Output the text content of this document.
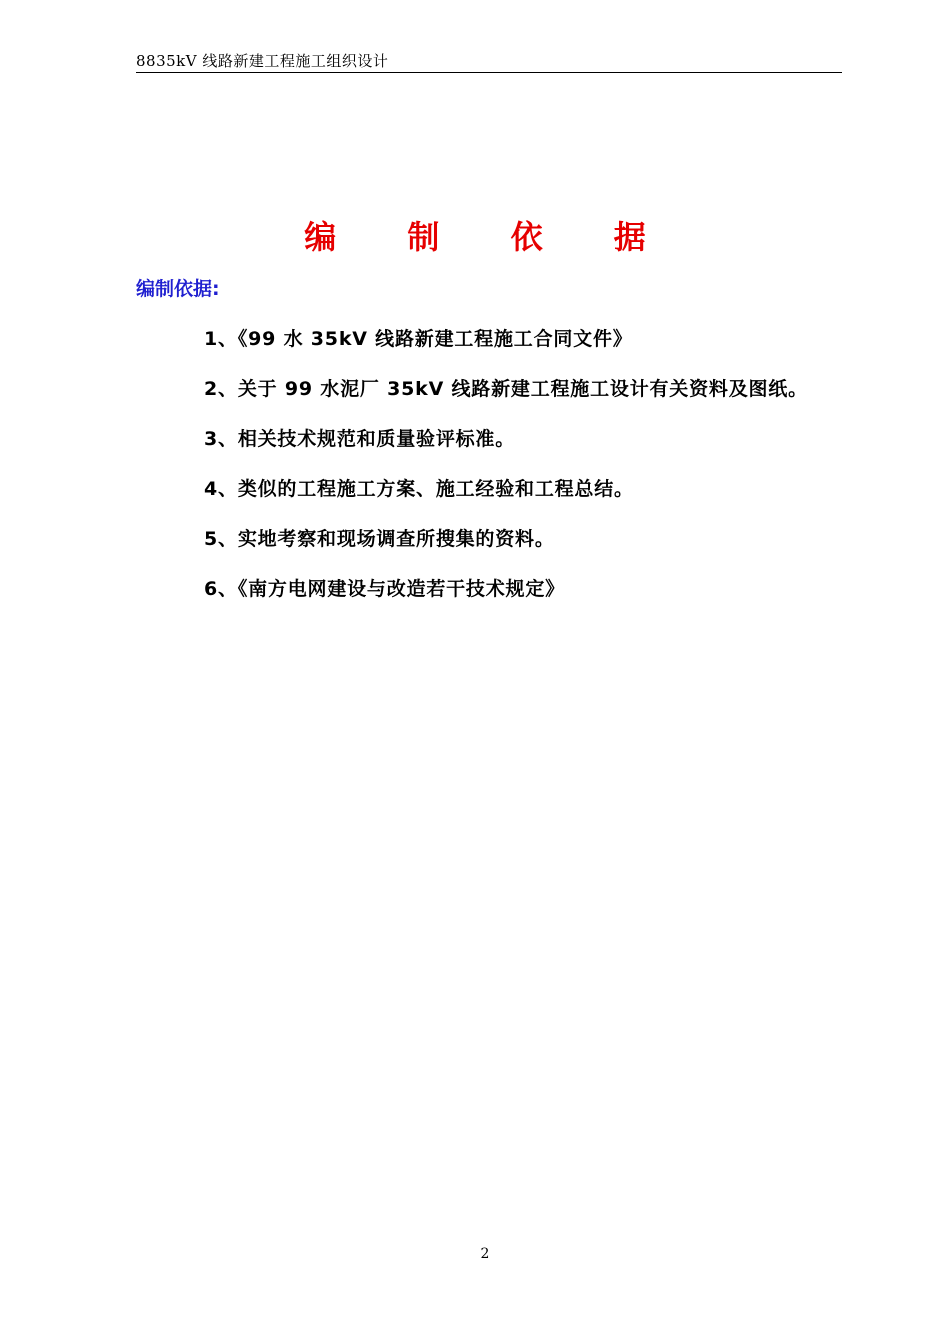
8835kV 线路新建工程施工组织设计
编 制 依 据
编制依据:
1、《99 水 35kV 线路新建工程施工合同文件》
2、关于 99 水泥厂 35kV 线路新建工程施工设计有关资料及图纸。
3、相关技术规范和质量验评标准。
4、类似的工程施工方案、施工经验和工程总结。
5、实地考察和现场调查所搜集的资料。
6、《南方电网建设与改造若干技术规定》
2
